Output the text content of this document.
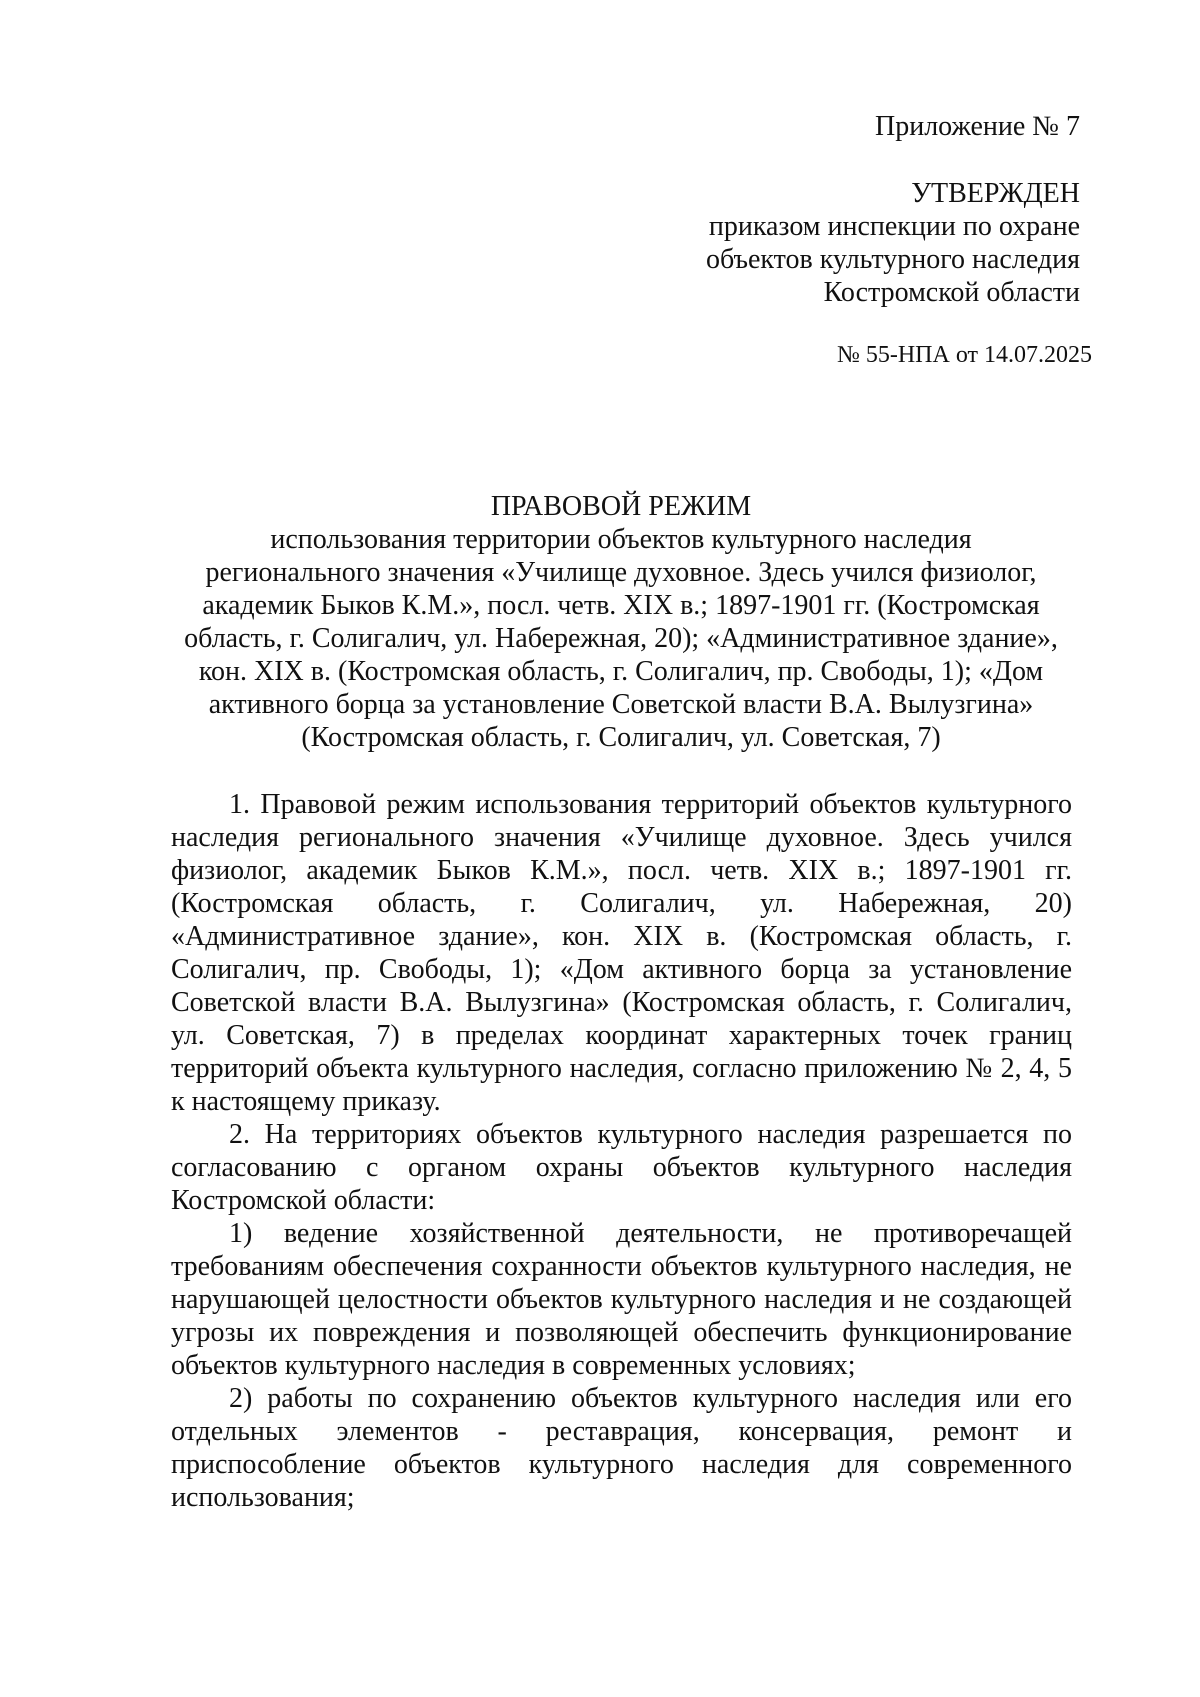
Приложение № 7
УТВЕРЖДЕН
приказом инспекции по охране
объектов культурного наследия
Костромской области
№ 55-НПА от 14.07.2025
ПРАВОВОЙ РЕЖИМ
использования территории объектов культурного наследия
регионального значения «Училище духовное. Здесь учился физиолог,
академик Быков К.М.», посл. четв. XIX в.; 1897-1901 гг. (Костромская
область, г. Солигалич, ул. Набережная, 20); «Административное здание»,
кон. XIX в. (Костромская область, г. Солигалич, пр. Свободы, 1); «Дом
активного борца за установление Советской власти В.А. Вылузгина»
(Костромская область, г. Солигалич, ул. Советская, 7)

1. Правовой режим использования территорий объектов культурного наследия регионального значения «Училище духовное. Здесь учился физиолог, академик Быков К.М.», посл. четв. XIX в.; 1897-1901 гг. (Костромская область, г. Солигалич, ул. Набережная, 20) «Административное здание», кон. XIX в. (Костромская область, г. Солигалич, пр. Свободы, 1); «Дом активного борца за установление Советской власти В.А. Вылузгина» (Костромская область, г. Солигалич, ул. Советская, 7) в пределах координат характерных точек границ территорий объекта культурного наследия, согласно приложению № 2, 4, 5 к настоящему приказу.

2. На территориях объектов культурного наследия разрешается по согласованию с органом охраны объектов культурного наследия Костромской области:

1) ведение хозяйственной деятельности, не противоречащей требованиям обеспечения сохранности объектов культурного наследия, не нарушающей целостности объектов культурного наследия и не создающей угрозы их повреждения и позволяющей обеспечить функционирование объектов культурного наследия в современных условиях;

2) работы по сохранению объектов культурного наследия или его отдельных элементов - реставрация, консервация, ремонт и приспособление объектов культурного наследия для современного использования;
